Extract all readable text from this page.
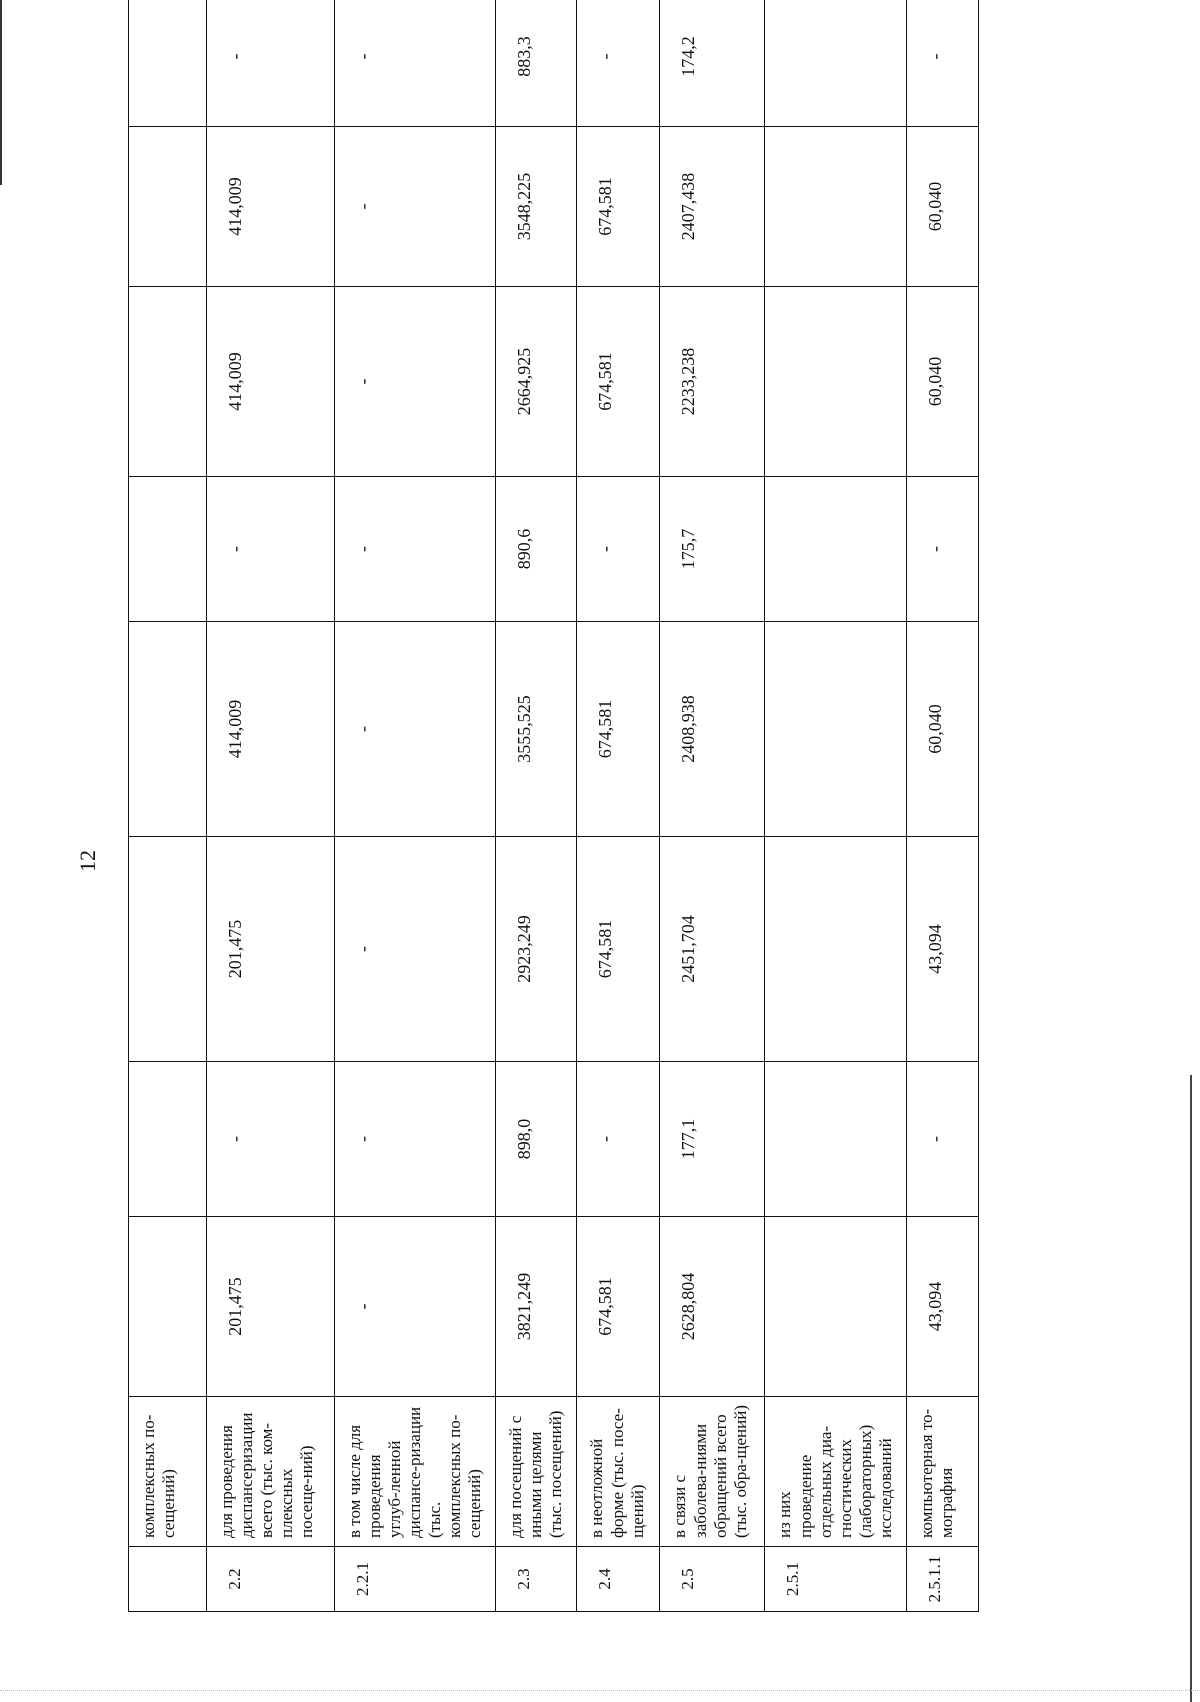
12
	комплексных по-сещений)									
2.2	для проведения диспансеризации всего (тыс. ком-плексных посеще-ний)	201,475	-	201,475	414,009	-	414,009	414,009	-	
2.2.1	в том числе для проведения углуб-ленной диспансе-ризации (тыс. комплексных по-сещений)	-	-	-	-	-	-	-	-	
2.3	для посещений с иными целями (тыс. посещений)	3821,249	898,0	2923,249	3555,525	890,6	2664,925	3548,225	883,3	
2.4	в неотложной форме (тыс. посе-щений)	674,581	-	674,581	674,581	-	674,581	674,581	-	
2.5	в связи с заболева-ниями обращений всего (тыс. обра-щений)	2628,804	177,1	2451,704	2408,938	175,7	2233,238	2407,438	174,2	
2.5.1	из них проведение отдельных диа-гностических (лабораторных) исследований									
2.5.1.1	компьютерная то-мография	43,094	-	43,094	60,040	-	60,040	60,040	-	
